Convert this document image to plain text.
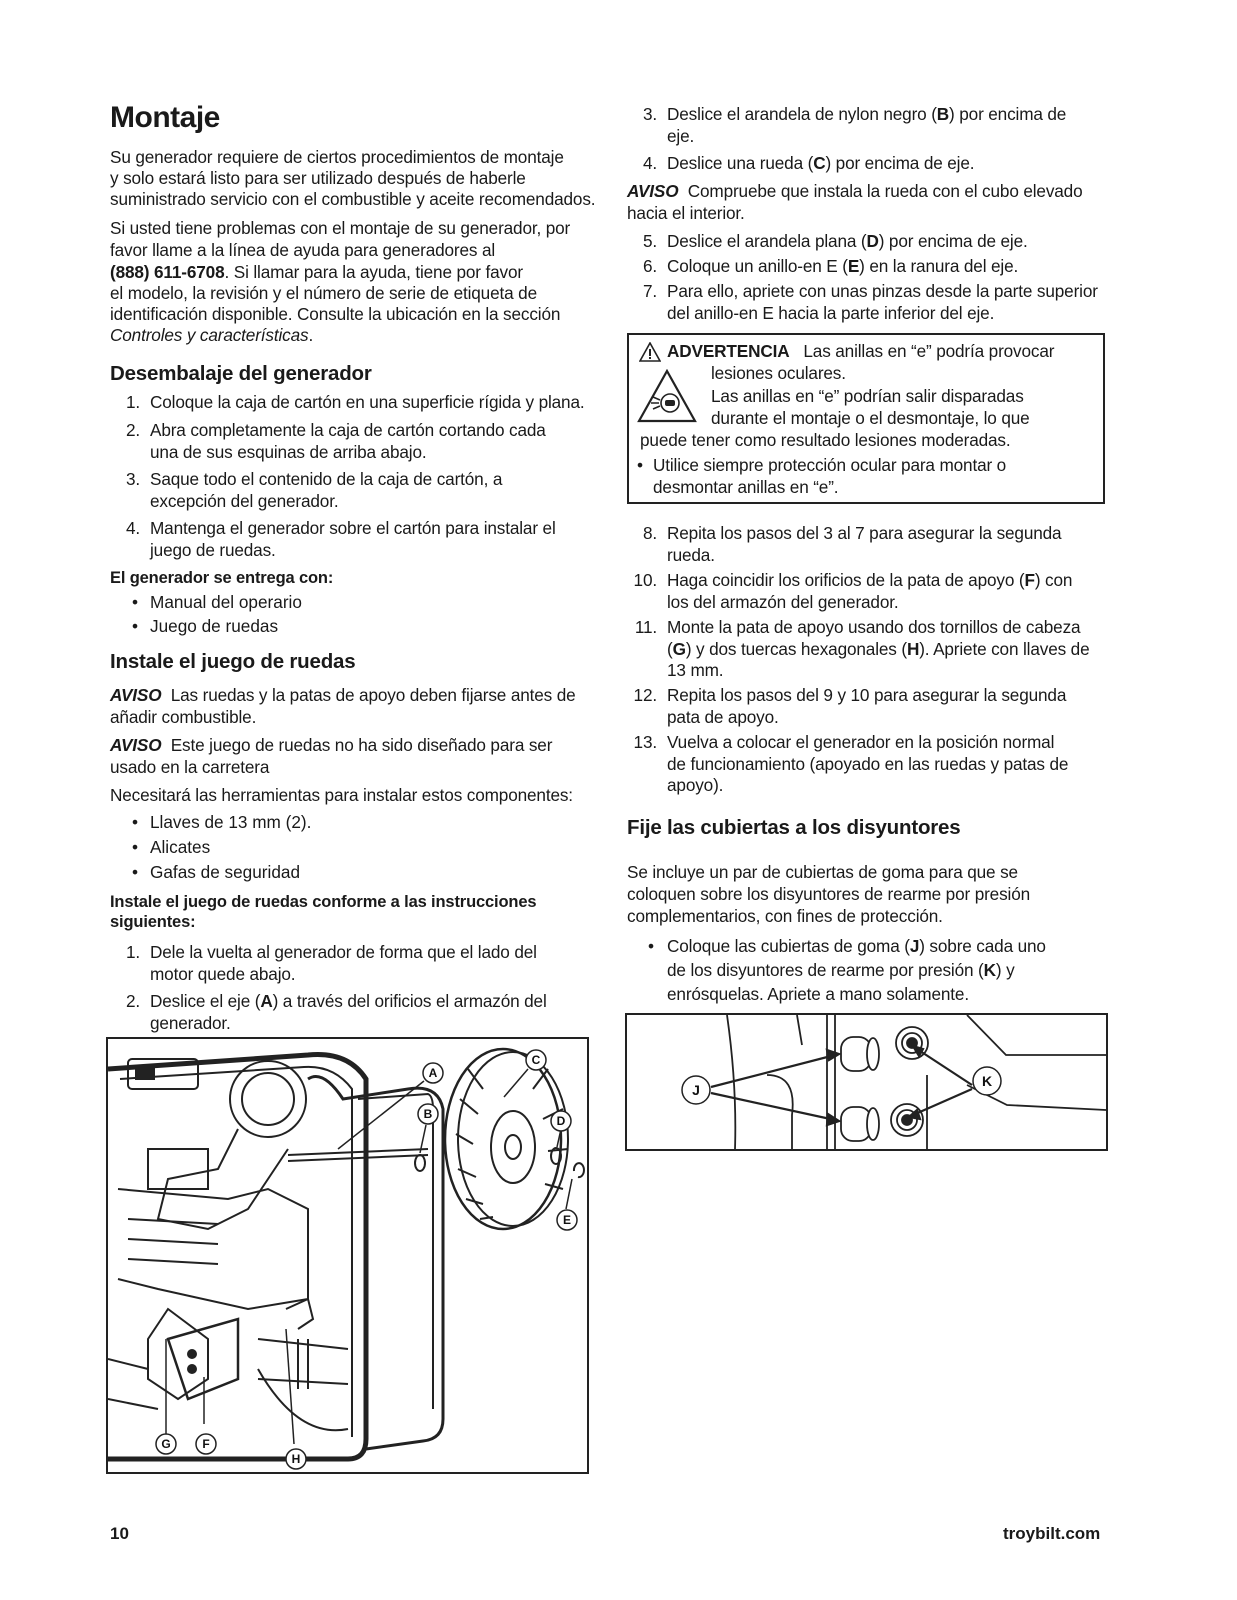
Montaje
Su generador requiere de ciertos procedimientos de montaje
y solo estará listo para ser utilizado después de haberle
suministrado servicio con el combustible y aceite recomendados.
Si usted tiene problemas con el montaje de su generador, por
favor llame a la línea de ayuda para generadores al
(888) 611-6708. Si llamar para la ayuda, tiene por favor
el modelo, la revisión y el número de serie de etiqueta de
identificación disponible. Consulte la ubicación en la sección
Controles y características.
Desembalaje del generador
1. Coloque la caja de cartón en una superficie rígida y plana.
2. Abra completamente la caja de cartón cortando cada
una de sus esquinas de arriba abajo.
3. Saque todo el contenido de la caja de cartón, a
excepción del generador.
4. Mantenga el generador sobre el cartón para instalar el
juego de ruedas.
El generador se entrega con:
• Manual del operario
• Juego de ruedas
Instale el juego de ruedas
AVISO Las ruedas y la patas de apoyo deben fijarse antes de
añadir combustible.
AVISO Este juego de ruedas no ha sido diseñado para ser
usado en la carretera
Necesitará las herramientas para instalar estos componentes:
• Llaves de 13 mm (2).
• Alicates
• Gafas de seguridad
Instale el juego de ruedas conforme a las instrucciones
siguientes:
1. Dele la vuelta al generador de forma que el lado del
motor quede abajo.
2. Deslice el eje (A) a través del orificios el armazón del
generador.
A
B
C
D
E
F
G
H
3. Deslice el arandela de nylon negro (B) por encima de
eje.
4. Deslice una rueda (C) por encima de eje.
AVISO Compruebe que instala la rueda con el cubo elevado
hacia el interior.
5. Deslice el arandela plana (D) por encima de eje.
6. Coloque un anillo-en E (E) en la ranura del eje.
7. Para ello, apriete con unas pinzas desde la parte superior
del anillo-en E hacia la parte inferior del eje.
ADVERTENCIA Las anillas en “e” podría provocar
lesiones oculares.
Las anillas en “e” podrían salir disparadas
durante el montaje o el desmontaje, lo que
puede tener como resultado lesiones moderadas.
• Utilice siempre protección ocular para montar o
desmontar anillas en “e”.
8. Repita los pasos del 3 al 7 para asegurar la segunda
rueda.
10. Haga coincidir los orificios de la pata de apoyo (F) con
los del armazón del generador.
11. Monte la pata de apoyo usando dos tornillos de cabeza
(G) y dos tuercas hexagonales (H). Apriete con llaves de
13 mm.
12. Repita los pasos del 9 y 10 para asegurar la segunda
pata de apoyo.
13. Vuelva a colocar el generador en la posición normal
de funcionamiento (apoyado en las ruedas y patas de
apoyo).
Fije las cubiertas a los disyuntores
Se incluye un par de cubiertas de goma para que se
coloquen sobre los disyuntores de rearme por presión
complementarios, con fines de protección.
• Coloque las cubiertas de goma (J) sobre cada uno
de los disyuntores de rearme por presión (K) y
enrósquelas. Apriete a mano solamente.
J
K
10	troybilt.com
